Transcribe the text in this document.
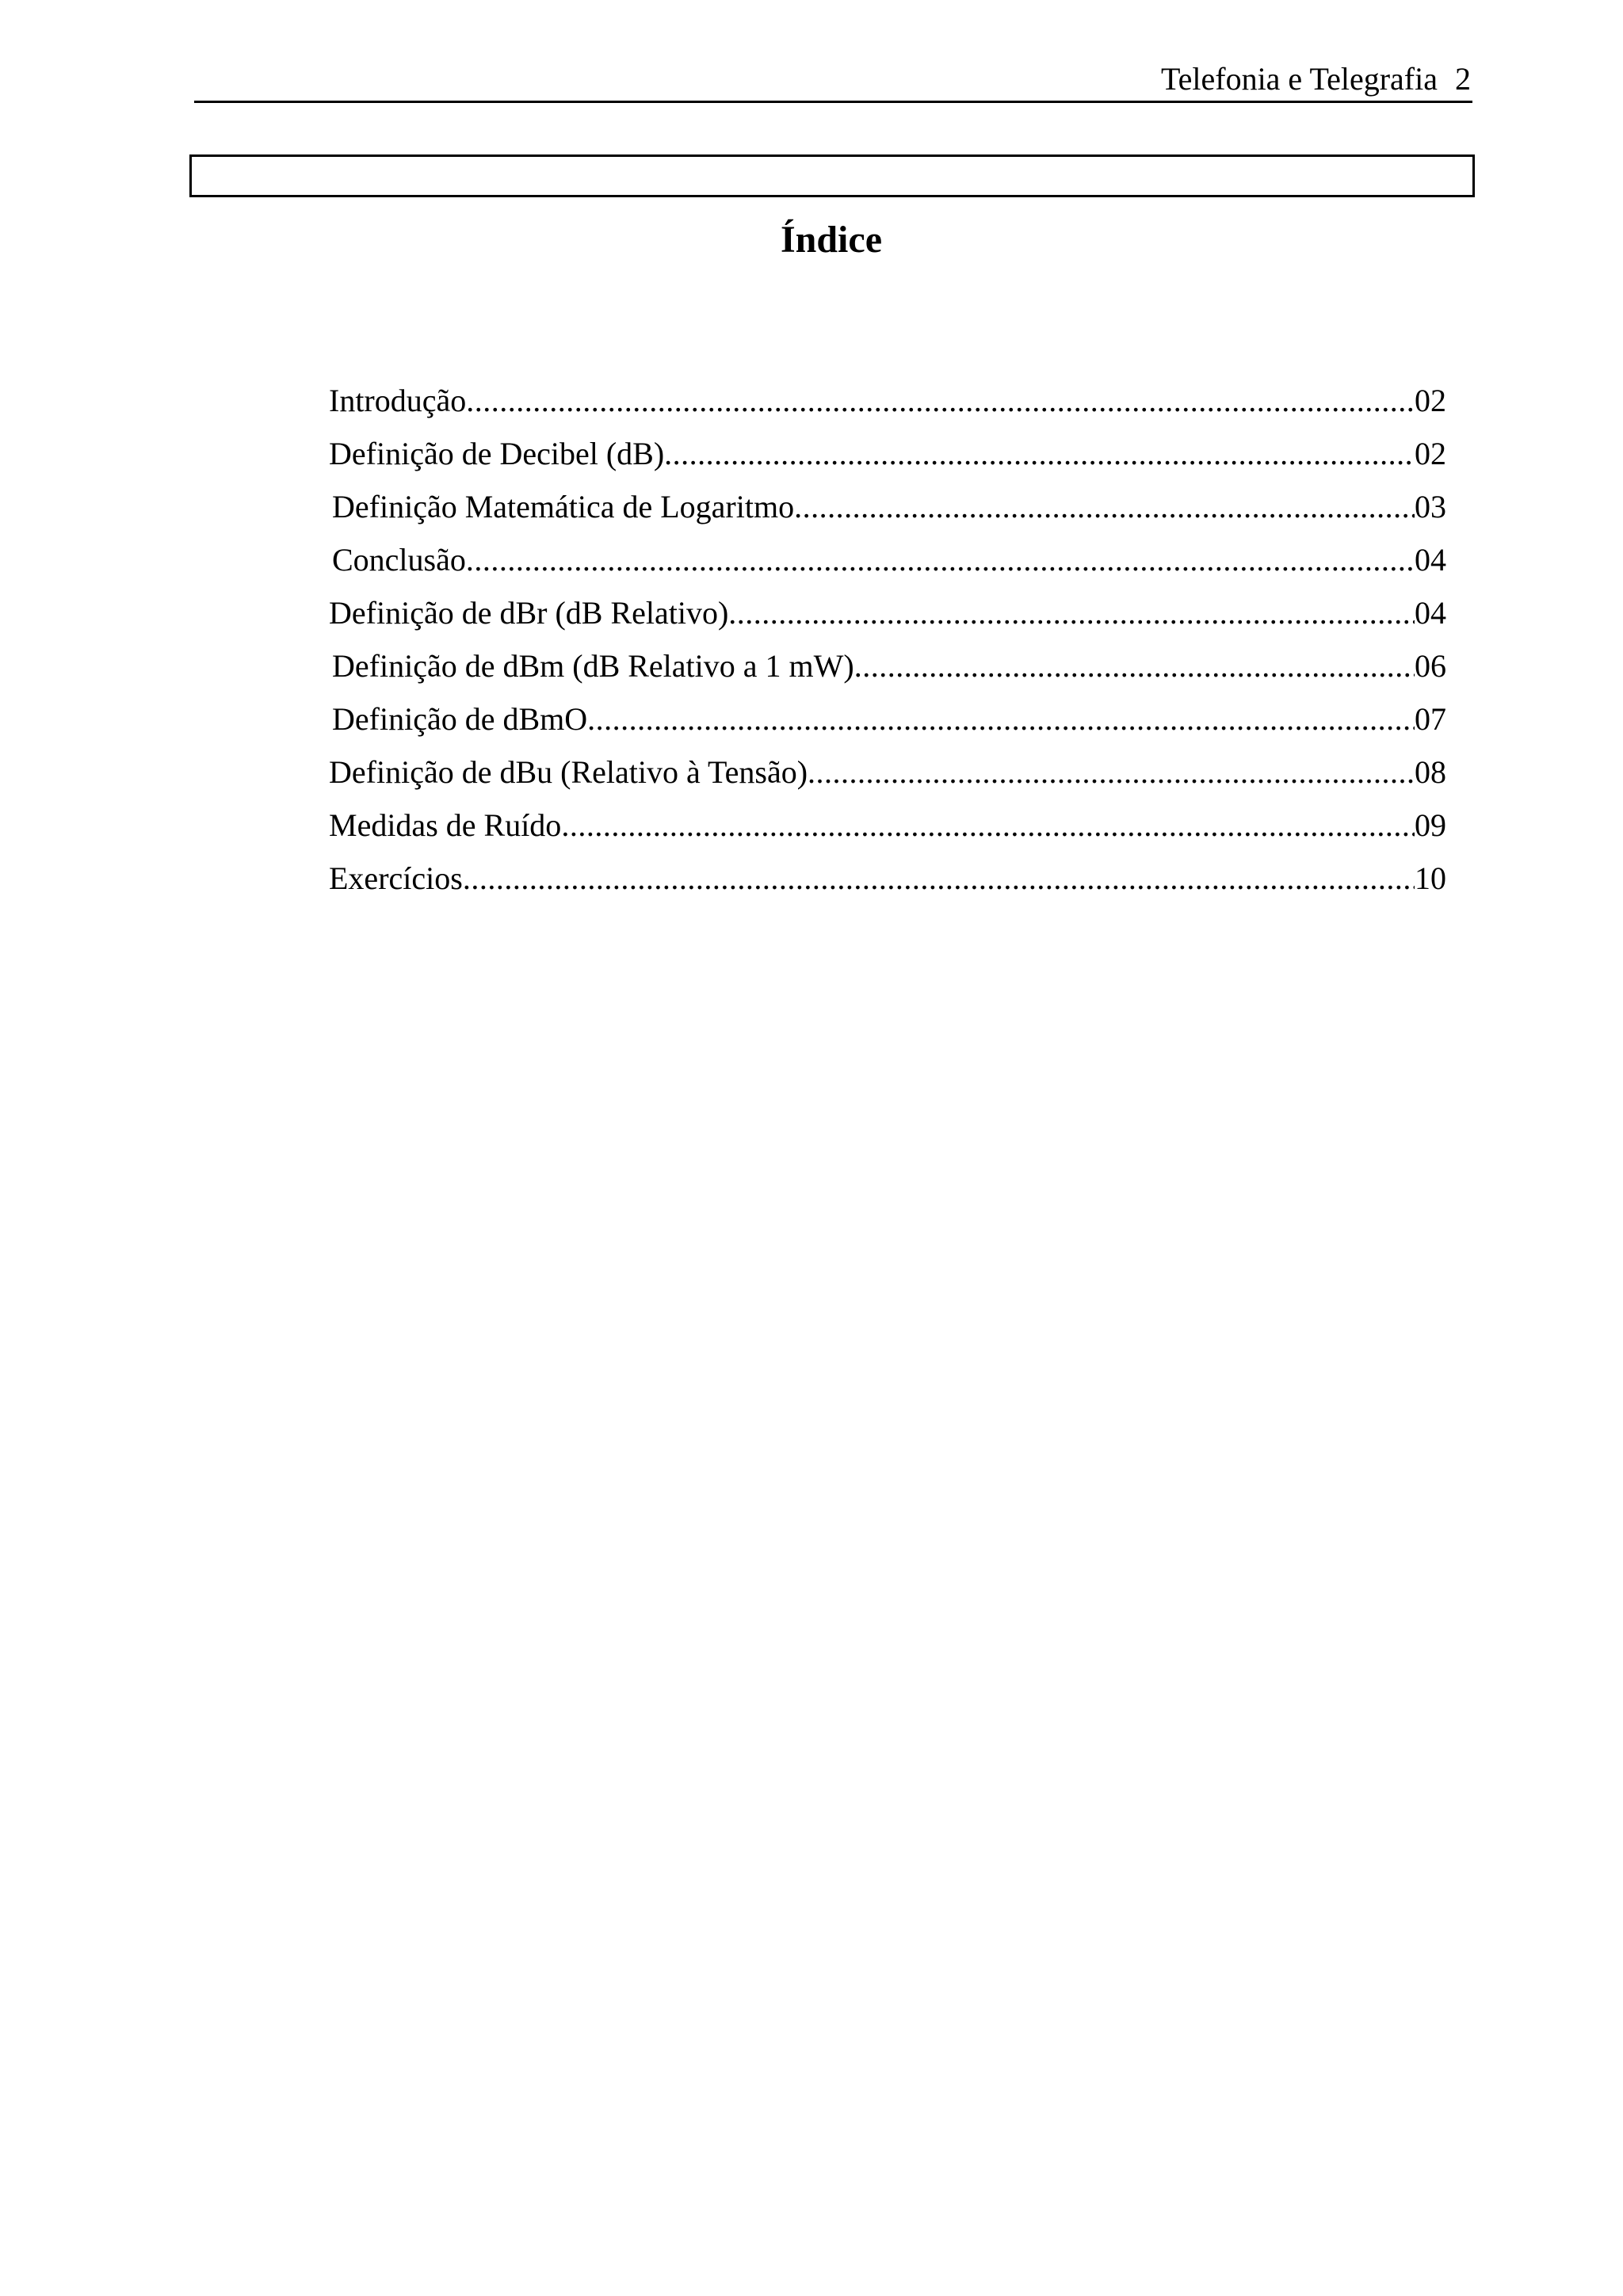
Telefonia e Telegrafia 2
Índice
Introdução .....	02
Definição de Decibel (dB) .....	02
Definição Matemática de Logaritmo .....	03
Conclusão .....	04
Definição de dBr (dB Relativo) .....	04
Definição de dBm (dB Relativo a 1 mW) .....	06
Definição de dBmO .....	07
Definição de dBu (Relativo à Tensão) .....	08
Medidas de Ruído .....	09
Exercícios .....	10
